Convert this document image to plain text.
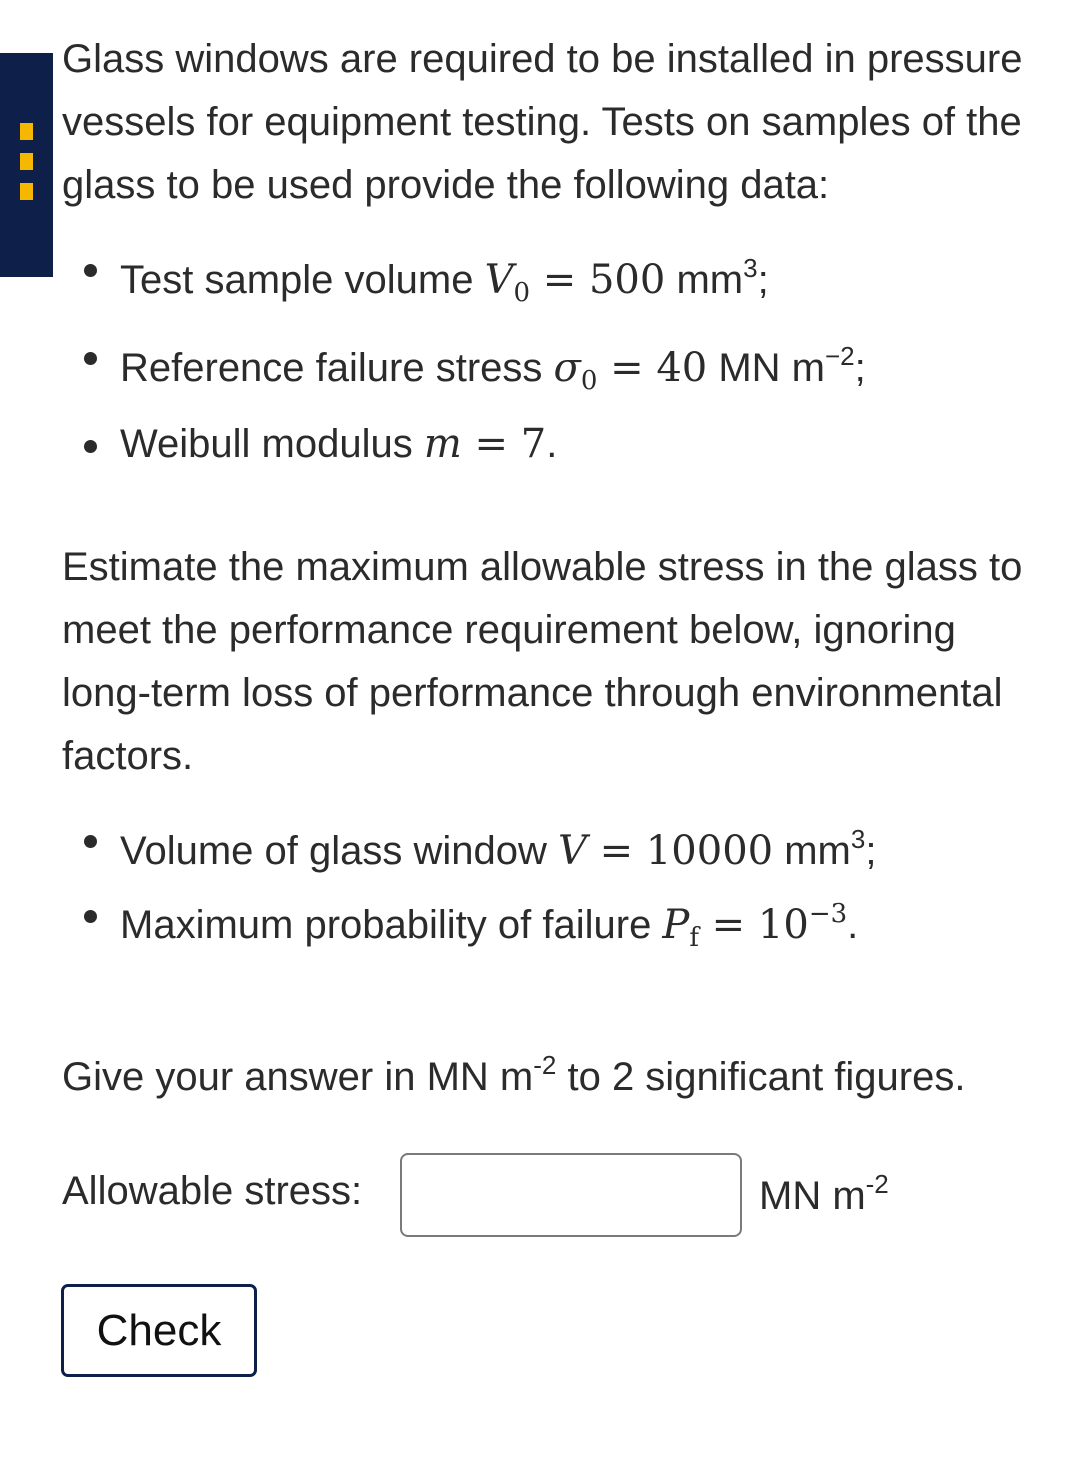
Glass windows are required to be installed in pressure vessels for equipment testing. Tests on samples of the glass to be used provide the following data:

Test sample volume $V_0 = 500$ $mm^3$;
Reference failure stress $\sigma_0 = 40$ MN $m^{-2}$;
Weibull modulus m = 7.

Estimate the maximum allowable stress in the glass to meet the performance requirement below, ignoring long-term loss of performance through environmental factors.

Volume of glass window V = 10000 $mm^3$;
Maximum probability of failure $P_f = 10^{-3}$.

Give your answer in MN $m^{-2}$ to 2 significant figures.

Allowable stress:	MN $m^{-2}$
Check
